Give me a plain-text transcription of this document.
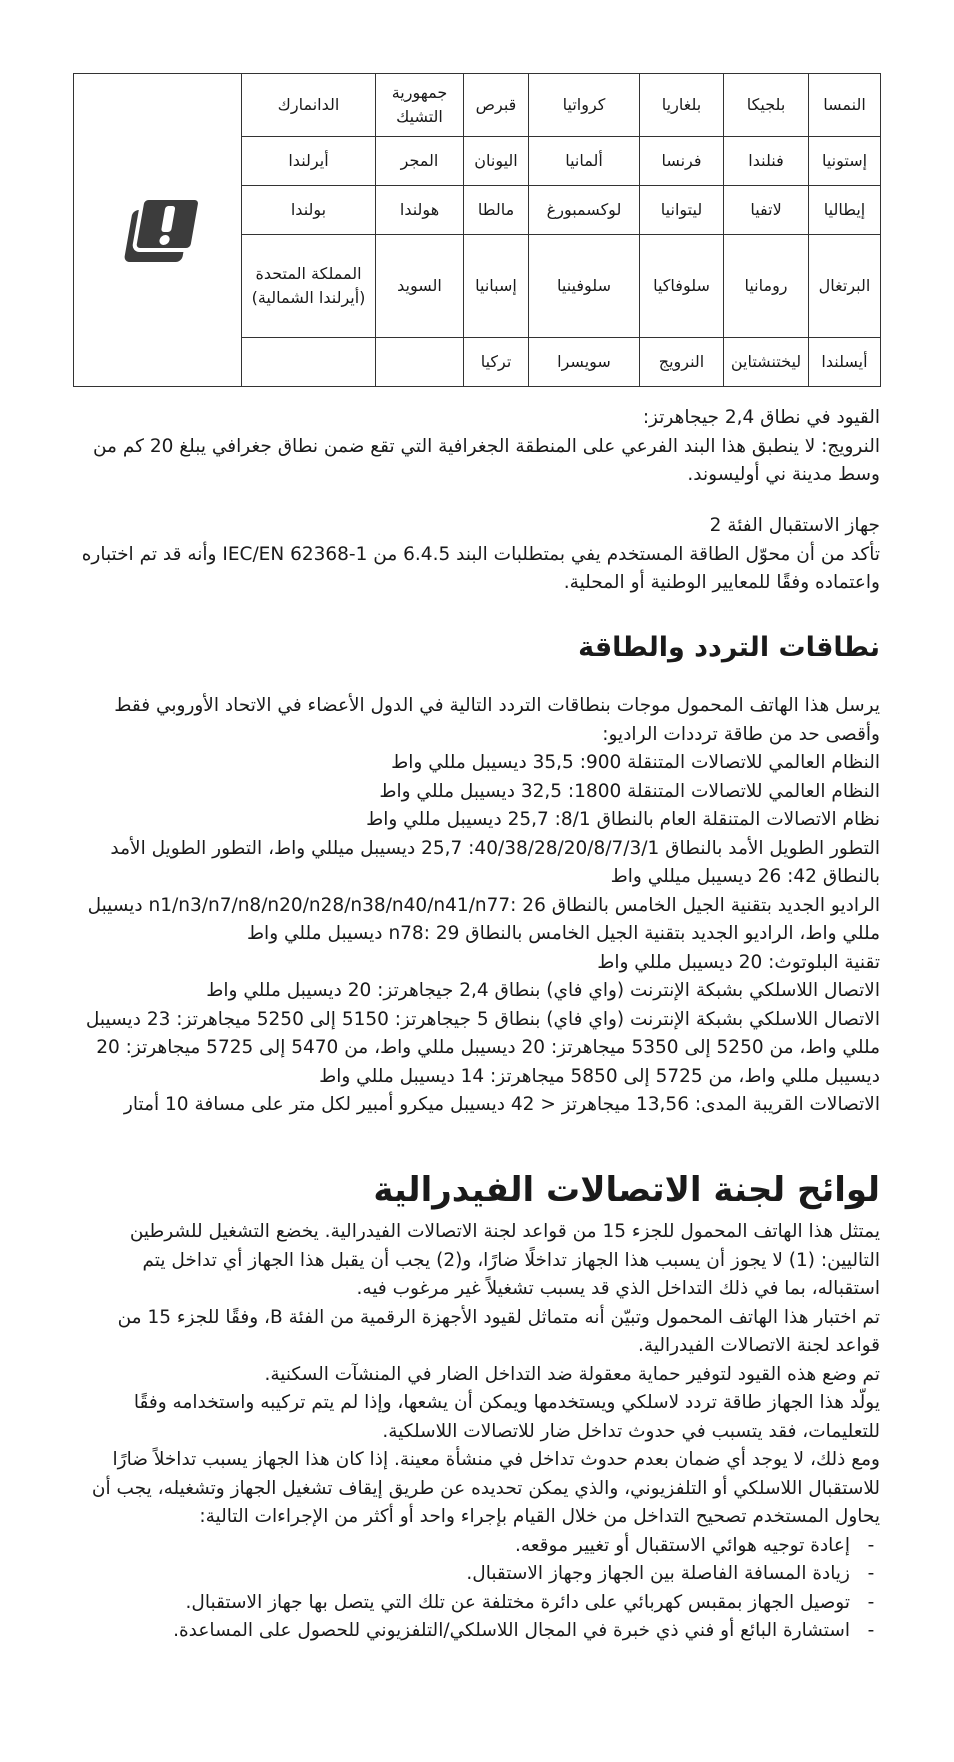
النمسا	بلجيكا	بلغاريا	كرواتيا	قبرص	جمهورية التشيك	الدانمارك	

إستونيا	فنلندا	فرنسا	ألمانيا	اليونان	المجر	أيرلندا	
إيطاليا	لاتفيا	ليتوانيا	لوكسمبورغ	مالطا	هولندا	بولندا	
البرتغال	رومانيا	سلوفاكيا	سلوفينيا	إسبانيا	السويد	المملكة المتحدة (أيرلندا الشمالية)	
أيسلندا	ليختنشتاين	النرويج	سويسرا	تركيا			

القيود في نطاق 2,4 جيجاهرتز:

النرويج: لا ينطبق هذا البند الفرعي على المنطقة الجغرافية التي تقع ضمن نطاق جغرافي يبلغ 20 كم من وسط مدينة ني أوليسوند.

جهاز الاستقبال الفئة 2

تأكد من أن محوّل الطاقة المستخدم يفي بمتطلبات البند 6.4.5 من IEC/EN 62368-1 وأنه قد تم اختباره واعتماده وفقًا للمعايير الوطنية أو المحلية.

نطاقات التردد والطاقة

يرسل هذا الهاتف المحمول موجات بنطاقات التردد التالية في الدول الأعضاء في الاتحاد الأوروبي فقط وأقصى حد من طاقة ترددات الراديو:

النظام العالمي للاتصالات المتنقلة 900: 35,5 ديسيبل مللي واط

النظام العالمي للاتصالات المتنقلة 1800: 32,5 ديسيبل مللي واط

نظام الاتصالات المتنقلة العام بالنطاق 8/1: 25,7 ديسيبل مللي واط

التطور الطويل الأمد بالنطاق 40/38/28/20/8/7/3/1: 25,7 ديسيبل ميللي واط، التطور الطويل الأمد بالنطاق 42: 26 ديسيبل ميللي واط

الراديو الجديد بتقنية الجيل الخامس بالنطاق n1/n3/n7/n8/n20/n28/n38/n40/n41/n77: 26 ديسيبل مللي واط، الراديو الجديد بتقنية الجيل الخامس بالنطاق n78: 29 ديسيبل مللي واط

تقنية البلوتوث: 20 ديسيبل مللي واط

الاتصال اللاسلكي بشبكة الإنترنت (واي فاي) بنطاق 2,4 جيجاهرتز: 20 ديسيبل مللي واط

الاتصال اللاسلكي بشبكة الإنترنت (واي فاي) بنطاق 5 جيجاهرتز: 5150 إلى 5250 ميجاهرتز: 23 ديسيبل مللي واط، من 5250 إلى 5350 ميجاهرتز: 20 ديسيبل مللي واط، من 5470 إلى 5725 ميجاهرتز: 20 ديسيبل مللي واط، من 5725 إلى 5850 ميجاهرتز: 14 ديسيبل مللي واط

الاتصالات القريبة المدى: 13,56 ميجاهرتز < 42 ديسيبل ميكرو أمبير لكل متر على مسافة 10 أمتار

لوائح لجنة الاتصالات الفيدرالية

يمتثل هذا الهاتف المحمول للجزء 15 من قواعد لجنة الاتصالات الفيدرالية. يخضع التشغيل للشرطين التاليين: (1) لا يجوز أن يسبب هذا الجهاز تداخلًا ضارًا، و(2) يجب أن يقبل هذا الجهاز أي تداخل يتم استقباله، بما في ذلك التداخل الذي قد يسبب تشغيلاً غير مرغوب فيه.

تم اختبار هذا الهاتف المحمول وتبيّن أنه متماثل لقيود الأجهزة الرقمية من الفئة B، وفقًا للجزء 15 من قواعد لجنة الاتصالات الفيدرالية.

تم وضع هذه القيود لتوفير حماية معقولة ضد التداخل الضار في المنشآت السكنية.

يولّد هذا الجهاز طاقة تردد لاسلكي ويستخدمها ويمكن أن يشعها، وإذا لم يتم تركيبه واستخدامه وفقًا للتعليمات، فقد يتسبب في حدوث تداخل ضار للاتصالات اللاسلكية.

ومع ذلك، لا يوجد أي ضمان بعدم حدوث تداخل في منشأة معينة. إذا كان هذا الجهاز يسبب تداخلاً ضارًا للاستقبال اللاسلكي أو التلفزيوني، والذي يمكن تحديده عن طريق إيقاف تشغيل الجهاز وتشغيله، يجب أن يحاول المستخدم تصحيح التداخل من خلال القيام بإجراء واحد أو أكثر من الإجراءات التالية:

-
إعادة توجيه هوائي الاستقبال أو تغيير موقعه.
-
زيادة المسافة الفاصلة بين الجهاز وجهاز الاستقبال.
-
توصيل الجهاز بمقبس كهربائي على دائرة مختلفة عن تلك التي يتصل بها جهاز الاستقبال.
-
استشارة البائع أو فني ذي خبرة في المجال اللاسلكي/التلفزيوني للحصول على المساعدة.
